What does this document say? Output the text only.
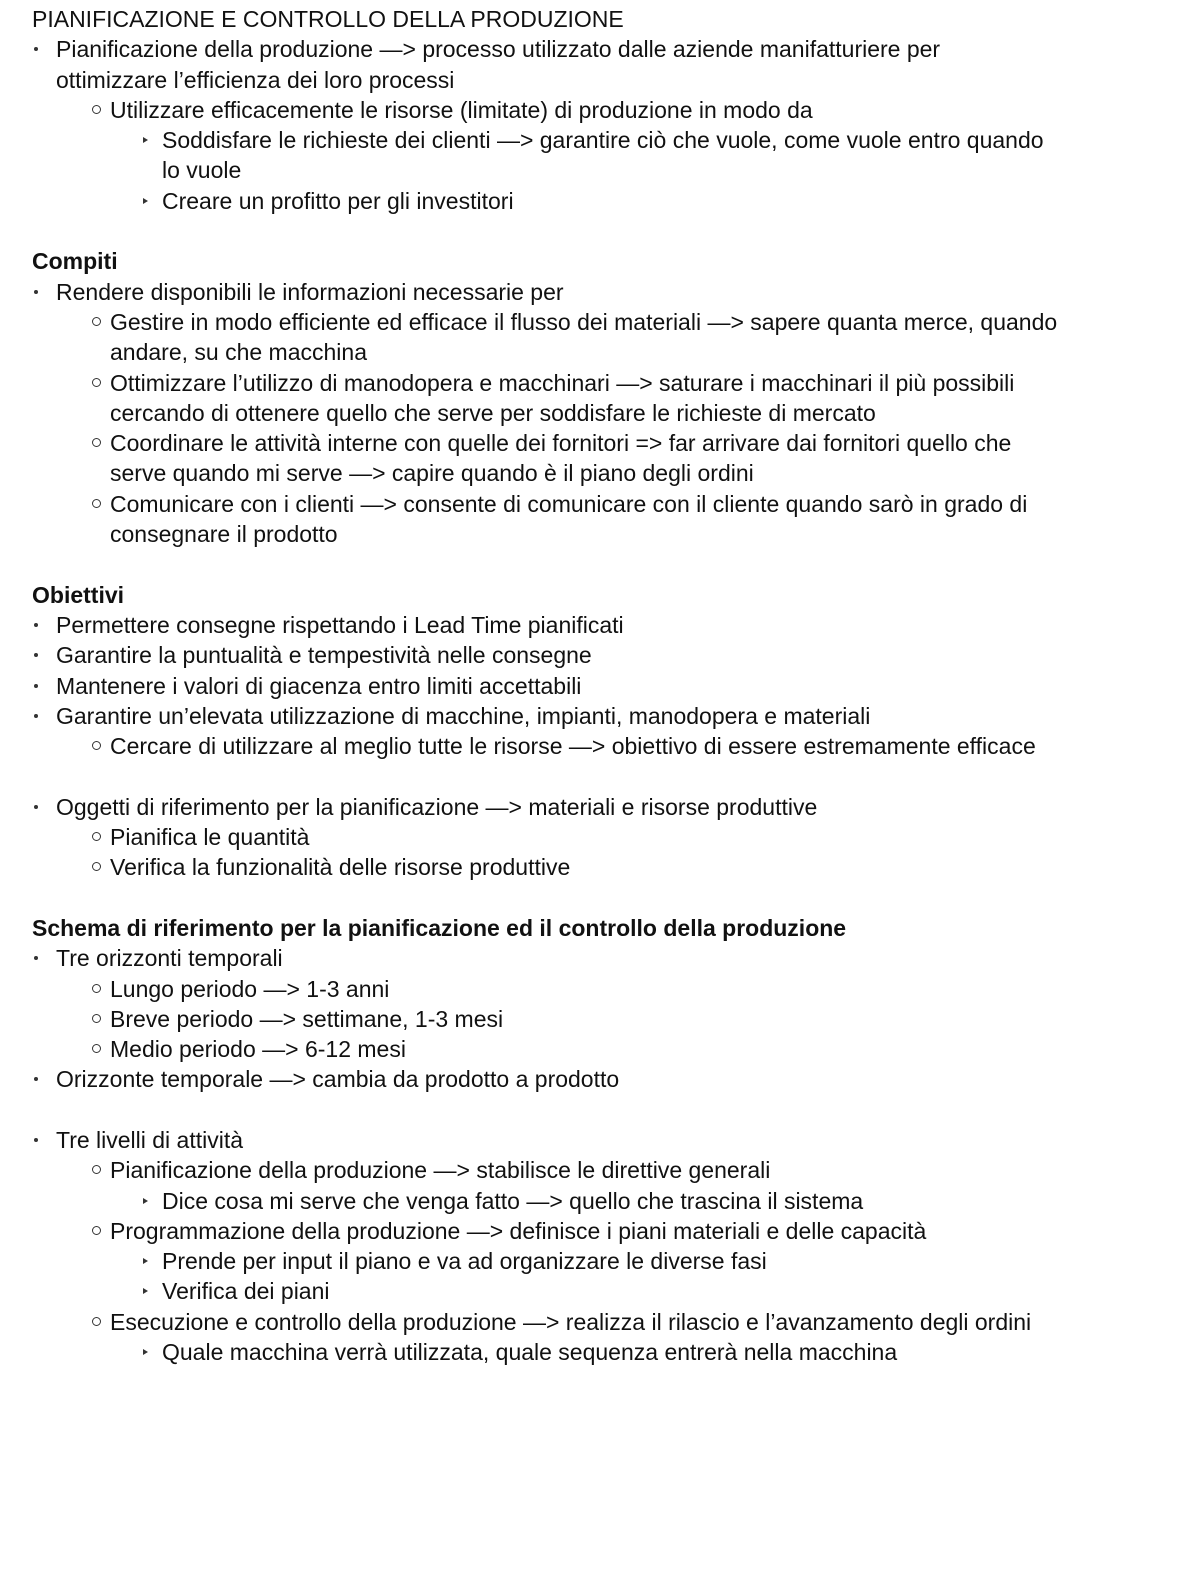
PIANIFICAZIONE E CONTROLLO DELLA PRODUZIONE
Pianificazione della produzione —> processo utilizzato dalle aziende manifatturiere per
ottimizzare l’efficienza dei loro processi
Utilizzare efficacemente le risorse (limitate) di produzione in modo da
Soddisfare le richieste dei clienti —> garantire ciò che vuole, come vuole entro quando
lo vuole
Creare un profitto per gli investitori
Compiti
Rendere disponibili le informazioni necessarie per
Gestire in modo efficiente ed efficace il flusso dei materiali —> sapere quanta merce, quando
andare, su che macchina
Ottimizzare l’utilizzo di manodopera e macchinari —> saturare i macchinari il più possibili
cercando di ottenere quello che serve per soddisfare le richieste di mercato
Coordinare le attività interne con quelle dei fornitori => far arrivare dai fornitori quello che
serve quando mi serve —> capire quando è il piano degli ordini
Comunicare con i clienti —> consente di comunicare con il cliente quando sarò in grado di
consegnare il prodotto
Obiettivi
Permettere consegne rispettando i Lead Time pianificati
Garantire la puntualità e tempestività nelle consegne
Mantenere i valori di giacenza entro limiti accettabili
Garantire un’elevata utilizzazione di macchine, impianti, manodopera e materiali
Cercare di utilizzare al meglio tutte le risorse —> obiettivo di essere estremamente efficace
Oggetti di riferimento per la pianificazione —> materiali e risorse produttive
Pianifica le quantità
Verifica la funzionalità delle risorse produttive
Schema di riferimento per la pianificazione ed il controllo della produzione
Tre orizzonti temporali
Lungo periodo —> 1-3 anni
Breve periodo —> settimane, 1-3 mesi
Medio periodo —> 6-12 mesi
Orizzonte temporale —> cambia da prodotto a prodotto
Tre livelli di attività
Pianificazione della produzione —> stabilisce le direttive generali
Dice cosa mi serve che venga fatto —> quello che trascina il sistema
Programmazione della produzione —> definisce i piani materiali e delle capacità
Prende per input il piano e va ad organizzare le diverse fasi
Verifica dei piani
Esecuzione e controllo della produzione —> realizza il rilascio e l’avanzamento degli ordini
Quale macchina verrà utilizzata, quale sequenza entrerà nella macchina
